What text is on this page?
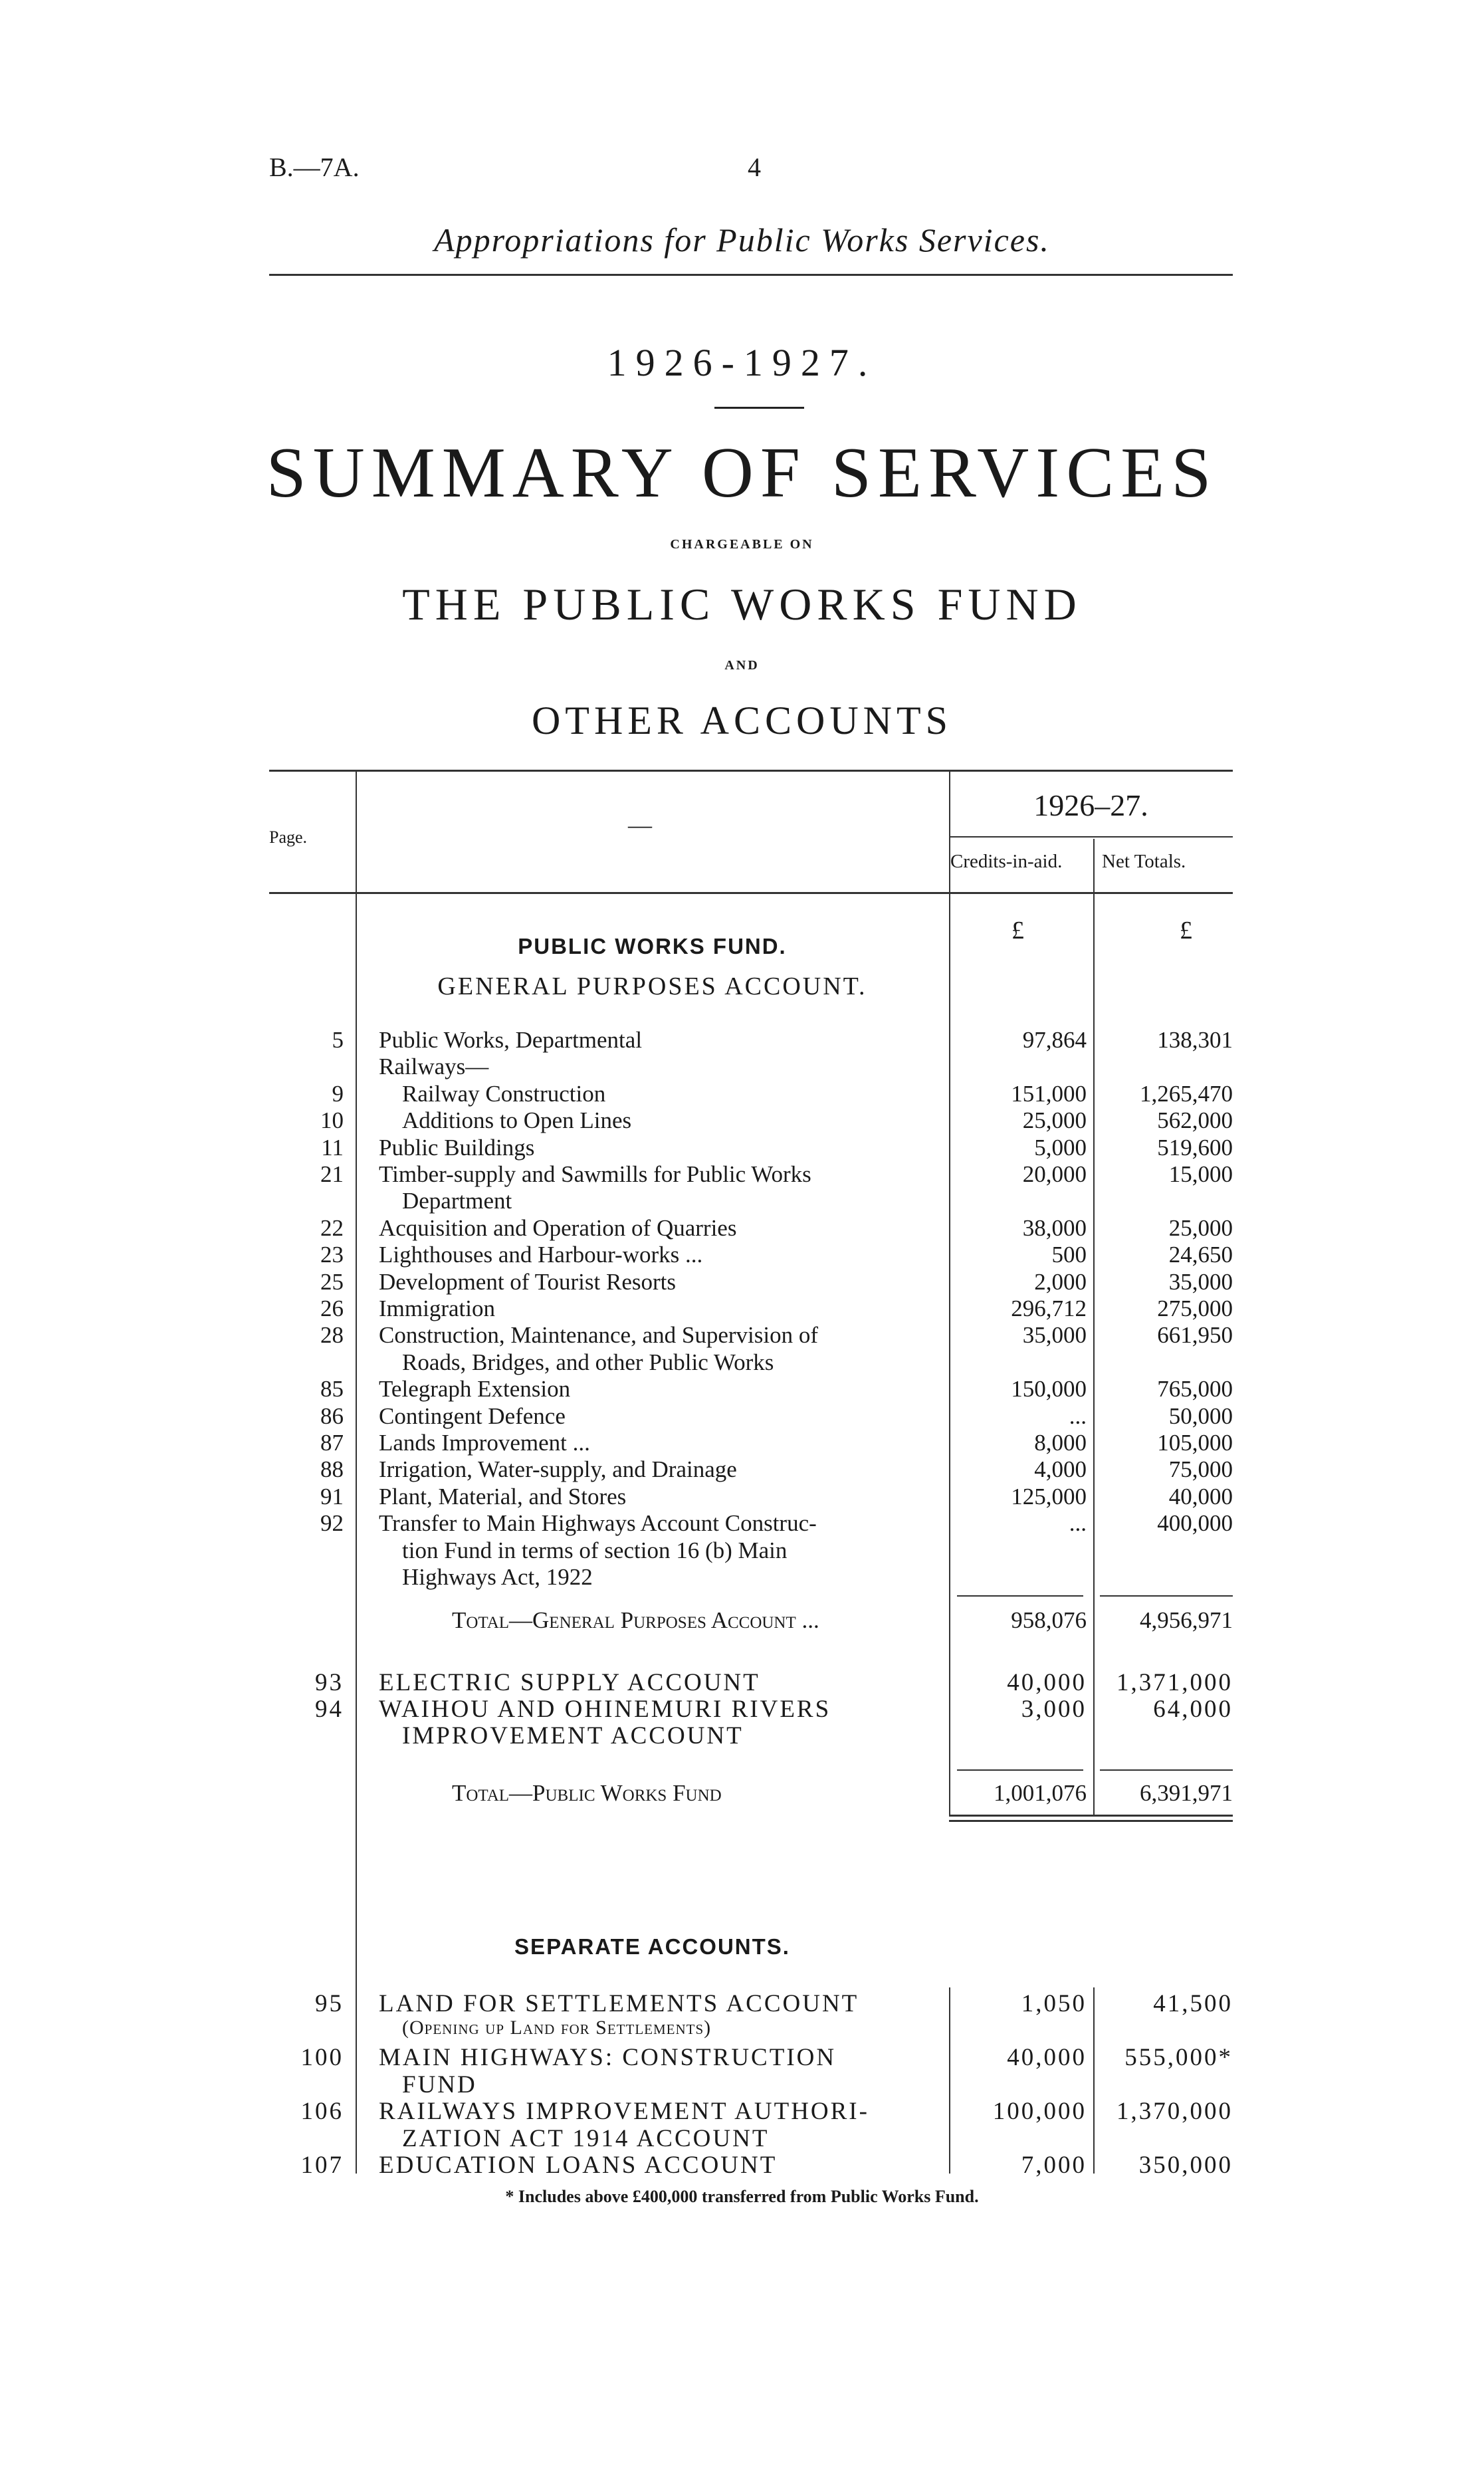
B.—7A.	4
Appropriations for Public Works Services.
1926-1927.
SUMMARY OF SERVICES
CHARGEABLE ON
THE PUBLIC WORKS FUND
AND
OTHER ACCOUNTS
Page.	—
1926–27.
Credits-in-aid. Net Totals.
£	£
PUBLIC WORKS FUND.
GENERAL PURPOSES ACCOUNT.
5 Public Works, Departmental	97,864	138,301
Railways—
9	Railway Construction	151,000	1,265,470
10	Additions to Open Lines	25,000	562,000
11 Public Buildings	5,000	519,600
21 Timber-supply and Sawmills for Public Works	20,000	15,000
Department
22 Acquisition and Operation of Quarries	38,000	25,000
23 Lighthouses and Harbour-works ...	500	24,650
25 Development of Tourist Resorts	2,000	35,000
26 Immigration	296,712	275,000
28 Construction, Maintenance, and Supervision of	35,000	661,950
Roads, Bridges, and other Public Works
85 Telegraph Extension	150,000	765,000
86 Contingent Defence	...	50,000
87 Lands Improvement ...	8,000	105,000
88 Irrigation, Water-supply, and Drainage	4,000	75,000
91 Plant, Material, and Stores	125,000	40,000
92 Transfer to Main Highways Account Construc-	...	400,000
tion Fund in terms of section 16 (b) Main
Highways Act, 1922
Total—General Purposes Account ...	958,076	4,956,971
93 ELECTRIC SUPPLY ACCOUNT	40,000	1,371,000
94 WAIHOU AND OHINEMURI RIVERS	3,000	64,000
IMPROVEMENT ACCOUNT
Total—Public Works Fund	1,001,076	6,391,971
SEPARATE ACCOUNTS.
95 LAND FOR SETTLEMENTS ACCOUNT	1,050	41,500
(Opening up Land for Settlements)
100 MAIN HIGHWAYS: CONSTRUCTION	40,000	555,000*
FUND
106 RAILWAYS IMPROVEMENT AUTHORI-	100,000	1,370,000
ZATION ACT 1914 ACCOUNT
107 EDUCATION LOANS ACCOUNT	7,000	350,000
* Includes above £400,000 transferred from Public Works Fund.
